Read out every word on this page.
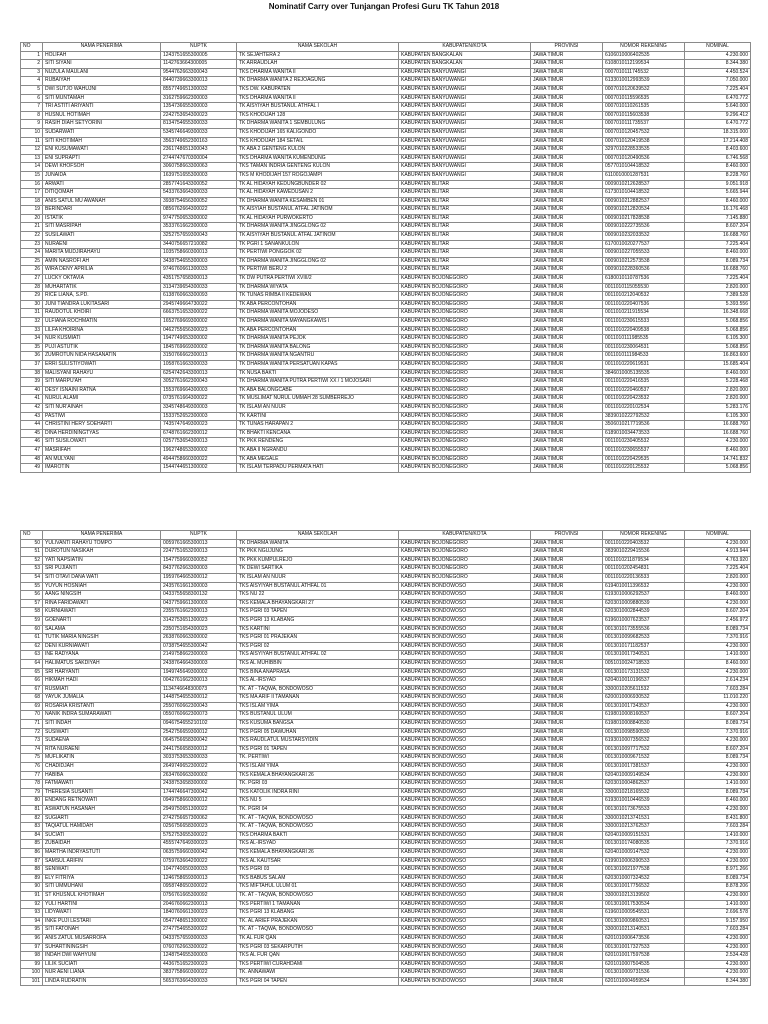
Nominatif Carry over Tunjangan Profesi Guru TK Tahun 2018
NO	NAMA PENERIMA	NUPTK	NAMA SEKOLAH	KABUPATEN/KOTA	PROVINSI	NOMOR REKENING	NOMINAL
1	HOLIFAH	1243751655300005	TK SEJAHTERA 2	KABUPATEN BANGKALAN	JAWA TIMUR	6106010006402535	4.230.000
2	SITI SIYANI	1142763664300005	TK ARRAUDLAH	KABUPATEN BANGKALAN	JAWA TIMUR	6108010112199534	8.344.380
3	NUZULA MAULANI	9544762663300043	TKS DHARMA WANITA II	KABUPATEN BANYUWANGI	JAWA TIMUR	0007010111745532	4.450.524
4	RUBAIYAH	8440739663300013	TK DHARMA WANITA 2 REJOAGUNG	KABUPATEN BANYUWANGI	JAWA TIMUR	6133010012993539	7.050.000
5	DWI SUTJO WAHUJNI	8557749651300032	TKS DW. KABUPATEN	KABUPATEN BANYUWANGI	JAWA TIMUR	0007010120639532	7.225.404
6	SITI MUNTAMAH	3162759662300003	TKS DHARMA WANITA II	KABUPATEN BANYUWANGI	JAWA TIMUR	0007010115596535	6.470.772
7	TRI ASTITI ARIYANTI	1354736655300003	TK AISYIYAH BUSTANUL ATHFAL I	KABUPATEN BANYUWANGI	JAWA TIMUR	0007010110261535	5.640.000
8	HUSNUL HOTIMAH	2242753654300023	TKS KHODIJAH 128	KABUPATEN BANYUWANGI	JAWA TIMUR	0007010115603538	9.296.412
9	RASIH DIAH SETYORINI	8134754655300033	TK DHARMA WANITA 1 SEMBULUNG	KABUPATEN BANYUWANGI	JAWA TIMUR	0007010111735537	6.470.772
10	SUDARWATI	5345746649300033	TKS KHODIJAH 165 KALIGONDO	KABUPATEN BANYUWANGI	JAWA TIMUR	0007010120457532	18.315.000
11	SITI KHOTIMAH	3563749652300163	TKS KHODIJAH 184 SETAIL	KABUPATEN BANYUWANGI	JAWA TIMUR	0007010120419538	17.214.408
12	ENI KUSUMAWATI	2361748651300043	TK ABA 2 GENTENG KULON	KABUPATEN BANYUWANGI	JAWA TIMUR	3297010228533535	8.403.600
13	ENI SUPRAPTI	2744747670300004	TKS DHARMA WANITA KUMENDUNG	KABUPATEN BANYUWANGI	JAWA TIMUR	0007010120490536	6.746.568
14	DEWI KHOFSOH	3060758663300063	TKS TAMAN INDRIA GENTENG KULON	KABUPATEN BANYUWANGI	JAWA TIMUR	0577010104418532	8.460.000
15	JUNAIDA	1639751655300003	TKS M KHODIJAH 157 ROGOJAMPI	KABUPATEN BANYUWANGI	JAWA TIMUR	6110010001287531	8.228.760
16	ARWATI	2857741643300052	TK AL HIDAYAH KEDUNGBUNDER 02	KABUPATEN BLITAR	JAWA TIMUR	0009010212628537	9.051.918
17	DITIQOMAH	5433763664300033	TK AL HIDAYAH KAWEDUSAN 2	KABUPATEN BLITAR	JAWA TIMUR	6173010104418532	5.665.944
18	ANIS SATUL MU AWANAH	3938754656300052	TK DHARMA WANITA KESAMBEN 01	KABUPATEN BLITAR	JAWA TIMUR	0009010212882537	8.460.000
19	BERINDARI	0856762664300022	TK AISYIAH BUSTANUL ATFAL JATINOM	KABUPATEN BLITAR	JAWA TIMUR	0009010212820534	16.176.468
20	ISTATIK	9747750653300002	TK AL HIDAYAH PURWOKERTO	KABUPATEN BLITAR	JAWA TIMUR	0009010217828538	7.145.880
21	SITI MASRIPAH	3533761662300003	TK DHARMA WANITA JINGGLONG 02	KABUPATEN BLITAR	JAWA TIMUR	0009010222735536	8.607.204
22	SUSILAWATI	3252757659300043	TK AISYIYAH BUSTANUL ATFAL JATINOM	KABUPATEN BLITAR	JAWA TIMUR	0009010232033532	16.688.760
23	NURAENI	3440756657210082	TK PGRI 1 SANANKULON	KABUPATEN BLITAR	JAWA TIMUR	6170010020277537	7.225.404
24	MARITA MUDJIRAHAYU	1035758660300013	TK PERTIWI PONGGOK 02	KABUPATEN BLITAR	JAWA TIMUR	0009010227055533	8.460.000
25	AMIN NASROFI AH	3438754655300003	TK DHARMA WANITA JINGGLONG 02	KABUPATEN BLITAR	JAWA TIMUR	0009010212573538	8.089.734
26	WIRA DENY APRILIA	9746760661300033	TK PERTIWI BERU 2	KABUPATEN BLITAR	JAWA TIMUR	0009010228360536	16.688.760
27	LUCKY OKTAVIA	4351757658300013	TK DW PUTRA PERTIWI XVIII/2	KABUPATEN BOJONEGORO	JAWA TIMUR	6180010110787536	7.225.404
28	MUHARTATIK	3134739654300033	TK DHARMA WIYATA	KABUPATEN BOJONEGORO	JAWA TIMUR	0011010115055530	2.820.000
29	RICE LIANA, S.PD.	6138760663300093	TK TUNAS RIMBA II KEDEWAN	KABUPATEN BOJONEGORO	JAWA TIMUR	0011010212040532	7.389.528
30	JUNI TIANDRA LUKITASARI	2945749664730022	TK ABA PERCONTOHAN	KABUPATEN BOJONEGORO	JAWA TIMUR	0011010220407536	5.393.556
31	RAUDOTUL KHOIRI	6663751653300022	TK DHARMA WANITA MOJODESO	KABUPATEN BOJONEGORO	JAWA TIMUR	0011010211915534	16.348.668
32	ULFIANA ROCHMATIN	1652769669300002	TK DHARMA WANITA MAYANGKAWIS I	KABUPATEN BOJONEGORO	JAWA TIMUR	0011010230615533	5.068.856
33	LILFA KHOIRINA	0462755656300023	TK ABA PERCONTOHAN	KABUPATEN BOJONEGORO	JAWA TIMUR	0011010220409538	5.068.856
34	NUR KUSMIATI	1947749653300002	TK DHARMA WANITA PEJOK	KABUPATEN BOJONEGORO	JAWA TIMUR	0011010111985535	6.105.300
35	PUJI ASTUTIK	1845769669300002	TK DHARMA WANITA BALONG	KABUPATEN BOJONEGORO	JAWA TIMUR	0011010230064531	5.068.856
36	ZUMROTUN NIDA HASANATIN	3150766662300013	TK DHARMA WANITA NGANTRU	KABUPATEN BOJONEGORO	JAWA TIMUR	0011010111984533	16.863.600
37	ERRI SULISTIYOWATI	1058761663300033	TK DHARMA WANITA PERSATUAN KAPAS	KABUPATEN BOJONEGORO	JAWA TIMUR	0011010220619531	15.685.404
38	MALISYANI RAHAYU	6254742643300013	TK NUSA BAKTI	KABUPATEN BOJONEGORO	JAWA TIMUR	3846010005135535	8.460.000
39	SITI MARPU'AH	3052761662300043	TK DHARMA WANITA PUTRA PERTIWI XX / 1 MOJOSARI	KABUPATEN BOJONEGORO	JAWA TIMUR	0011010220416535	5.228.468
40	DESY ISNAINI RATNA	1553769664300003	TK ABA BALONGCABE	KABUPATEN BOJONEGORO	JAWA TIMUR	0011010220460537	2.820.000
41	NURUL ALAMI	0735761664300022	TK MUSLIMAT NURUL UMMAH 28 SUMBERREJO	KABUPATEN BOJONEGORO	JAWA TIMUR	0011010220423532	2.820.000
42	SITI NUR'AINAH	3345748649300003	TK ISLAM AN NUUR	KABUPATEN BOJONEGORO	JAWA TIMUR	0011010220102534	5.283.176
43	PASTIWI	1533752652300003	TK KARTINI	KABUPATEN BOJONEGORO	JAWA TIMUR	3839010222792532	6.105.300
44	CHRISTINI HERY SOEHARTI	7435747649300023	TK TUNAS HARAPAN 2	KABUPATEN BOJONEGORO	JAWA TIMUR	3506010217719536	16.688.760
45	DINA HERDININGTYAS	6748761662300012	TK BHAKTI KENCANA	KABUPATEN BOJONEGORO	JAWA TIMUR	6189010034473533	16.688.760
46	SITI SUSILOWATI	0257753654300013	TK PKK RENDENG	KABUPATEN BOJONEGORO	JAWA TIMUR	0011010230405532	4.230.000
47	MASRIFAH	1962748653300002	TK ABA II NGRANDU	KABUPATEN BOJONEGORO	JAWA TIMUR	0011010230655537	8.460.000
48	AN MULYANI	4944758660300022	TK ABA MEGALE	KABUPATEN BOJONEGORO	JAWA TIMUR	0011010220429535	14.741.832
49	IMAROTIN	1544744651300002	TK ISLAM TERPADU PERMATA HATI	KABUPATEN BOJONEGORO	JAWA TIMUR	0011010220125532	5.068.856
NO	NAMA PENERIMA	NUPTK	NAMA SEKOLAH	KABUPATEN/KOTA	PROVINSI	NOMOR REKENING	NOMINAL
50	YULIVANTI RAHAYU TOMPO	0059761665300013	TK DHARMA WANITA	KABUPATEN BOJONEGORO	JAWA TIMUR	0011010220403532	4.230.000
51	DUROTUN NASIKAH	2247751653200013	TK PKK NGUJUNG	KABUPATEN BOJONEGORO	JAWA TIMUR	3839010229415536	4.913.944
52	YATI NAPSIATIN	1547759660300052	TK PKK KUMPULREJO	KABUPATEN BOJONEGORO	JAWA TIMUR	0011010211879534	4.763.920
53	SRI PUJIANTI	8437762663300003	TK DEWI SARTIKA	KABUPATEN BOJONEGORO	JAWA TIMUR	0011010202454831	7.225.404
54	SITI OTAVI DANA WATI	1959764665300012	TK ISLAM AN NUUR	KABUPATEN BOJONEGORO	JAWA TIMUR	0011010220136533	2.820.000
55	YUYUN HOSNIAH	2435761661300003	TKS AISYIYAH BUSTANUL ATHFAL 01	KABUPATEN BONDOWOSO	JAWA TIMUR	6194010011396532	4.230.000
56	AANG NINGSIH	0433755658300132	TKS NU 22	KABUPATEN BONDOWOSO	JAWA TIMUR	6193010006292537	8.460.000
57	RINA FARIDAWATI	0437759661300003	TKS KEMALA BHAYANGKARI 27	KABUPATEN BONDOWOSO	JAWA TIMUR	6203010009880539	4.230.000
58	KURNIAWATI	2355761662300013	TKS PGRI 03 TAPEN	KABUPATEN BONDOWOSO	JAWA TIMUR	6203010002844539	8.607.204
59	GOENARTI	3142753651300023	TKS PGRI 13 KLABANG	KABUPATEN BONDOWOSO	JAWA TIMUR	6196010007623537	2.456.972
60	SALAMA	2350751654300023	TKS KARTINI	KABUPATEN BONDOWOSO	JAWA TIMUR	0013010173555536	8.089.734
61	TUTIK MARIA NINGSIH	2638760663300002	TKS PGRI 01 PRAJEKAN	KABUPATEN BONDOWOSO	JAWA TIMUR	0013010099682533	7.370.916
62	DENI KURNIAWATI	0738754655300042	TKS PGRI 02	KABUPATEN BONDOWOSO	JAWA TIMUR	0013010171182537	4.230.000
63	INE RADYANA	2149758662300003	TKS AISYIYAH BUSTANUL ATHFAL 02	KABUPATEN BONDOWOSO	JAWA TIMUR	0013010017340531	1.410.000
64	HALIMATUS SAKDIYAH	2438764664300003	TKS AL MUHIBBIN	KABUPATEN BONDOWOSO	JAWA TIMUR	0051010024718533	8.460.000
65	SRI HARYANTI	1949745649300002	TKS BINA ANAPRASA	KABUPATEN BONDOWOSO	JAWA TIMUR	0013010173131532	4.230.000
66	HIKMAH HADI	0042761662300013	TKS AL-IRSYAD	KABUPATEN BONDOWOSO	JAWA TIMUR	6204010010196537	2.614.234
67	RUSMIATI	1134746648300073	TK. AT - TAQWA, BONDOWOSO	KABUPATEN BONDOWOSO	JAWA TIMUR	3300010205611532	7.603.284
68	YAYUK JUMALIA	1448754655300012	TKS MA ARIF II TAMANAN	KABUPATEN BONDOWOSO	JAWA TIMUR	6200010006930532	11.010.220
69	ROSARIA KRISTANTI	2550760662300043	TKS ISLAM YIMA	KABUPATEN BONDOWOSO	JAWA TIMUR	0013010017343537	4.230.000
70	NANIK INDRA SUMARAWATI	0550760662300073	TKS BUSTANUL ULUM	KABUPATEN BONDOWOSO	JAWA TIMUR	6198010008160537	8.607.204
71	SITI INDAH	0946754655210102	TKS KUSUMA BANGSA	KABUPATEN BONDOWOSO	JAWA TIMUR	6198010008840530	8.089.734
72	SUSIWATI	2542756659300012	TKS PGRI 05 DAWUHAN	KABUPATEN BONDOWOSO	JAWA TIMUR	0013010098590530	7.370.916
73	SUDAENA	0645756658300042	TKS RAUDLATUL MUSTARSYIDIN	KABUPATEN BONDOWOSO	JAWA TIMUR	6193010007356532	4.230.000
74	RITA NURAENI	2441756658300012	TKS PGRI 01 TAPEN	KABUPATEN BONDOWOSO	JAWA TIMUR	0013010097717532	8.607.204
75	MUFLIKATIN	3033753653300033	TK. PERTIWI	KABUPATEN BONDOWOSO	JAWA TIMUR	0013010009671532	8.089.734
76	CHADIDJAH	2649749652300022	TKS ISLAM YIMA	KABUPATEN BONDOWOSO	JAWA TIMUR	0013010017381537	4.230.000
77	HABIBA	2634760663300002	TKS KEMALA BHAYANGKARI 26	KABUPATEN BONDOWOSO	JAWA TIMUR	6204010009149534	4.230.000
78	FATMAWATI	2438753658300002	TK. PGRI 03	KABUPATEN BONDOWOSO	JAWA TIMUR	6203010004862537	1.410.000
79	THERESIA SUSANTI	1744746647300042	TKS KATOLIK INDRA RINI	KABUPATEN BONDOWOSO	JAWA TIMUR	3300010218165532	8.089.734
80	ENDANG RETNOWATI	0949758660300012	TKS NU 5	KABUPATEN BONDOWOSO	JAWA TIMUR	6193010010446539	8.460.000
81	ASWATUN HASANAH	2949750651300022	TK. PGRI 04	KABUPATEN BONDOWOSO	JAWA TIMUR	0013010173675533	4.230.000
82	SUGIARTI	2742756657300062	TK. AT - TAQWA, BONDOWOSO	KABUPATEN BONDOWOSO	JAWA TIMUR	3300010213741531	8.431.800
83	TAQIATUL HAMIDAH	0256756658300023	TK. AT - TAQWA, BONDOWOSO	KABUPATEN BONDOWOSO	JAWA TIMUR	3300010213762537	7.603.284
84	SUCIATI	5752753655300022	TKS DHARMA BAKTI	KABUPATEN BONDOWOSO	JAWA TIMUR	6204010009151531	1.410.000
85	ZUBAIDAH	4555747649300023	TKS AL-IRSYAD	KABUPATEN BONDOWOSO	JAWA TIMUR	0013010174080535	7.370.916
86	MARTHA INDRYASTUTI	0635759660300042	TKS KEMALA BHAYANGKARI 26	KABUPATEN BONDOWOSO	JAWA TIMUR	6204010009147532	4.230.000
87	SAMSUL ARIFIN	0759763664200022	TKS AL KAUTSAR	KABUPATEN BONDOWOSO	JAWA TIMUR	6199010006390533	4.230.000
88	SENIWATI	1047740650300033	TKS PGRI 03	KABUPATEN BONDOWOSO	JAWA TIMUR	0013010021977538	8.971.266
89	ELY FITRIYA	1246758659300013	TKS BABUS SALAM	KABUPATEN BONDOWOSO	JAWA TIMUR	6203010007324532	8.089.734
90	SITI UMMUHANI	0958748650300022	TKS MIFTAHUL ULUM 01	KABUPATEN BONDOWOSO	JAWA TIMUR	0013010017756532	8.878.206
91	ST KHUSNUL KHOTIMAH	0756761665300092	TK. AT - TAQWA, BONDOWOSO	KABUPATEN BONDOWOSO	JAWA TIMUR	3300010213139502	4.230.000
92	YULI HARTINI	2046760662300013	TKS PERTIWI 1 TAMANAN	KABUPATEN BONDOWOSO	JAWA TIMUR	0013010017530534	1.410.000
93	LIDYAWATI	1840760661300023	TKS PGRI 13 KLABANG	KABUPATEN BONDOWOSO	JAWA TIMUR	6196010009545531	2.696.578
94	INKE PUJI LESTARI	0547748651300002	TK. AL ARIEF PRAJEKAN	KABUPATEN BONDOWOSO	JAWA TIMUR	0013010009860531	9.157.950
95	SITI FATONAH	2747754655300022	TK. AT - TAQWA, BONDOWOSO	KABUPATEN BONDOWOSO	JAWA TIMUR	3300010213140531	7.603.284
96	ANIS ZATUL MUSARROFA	0433757659300033	TK AL FUR QAN	KABUPATEN BONDOWOSO	JAWA TIMUR	6201010006473536	4.230.000
97	SUHARTININGSIH	0760762663300022	TKS PGRI 03 SEKARPUTIH	KABUPATEN BONDOWOSO	JAWA TIMUR	0013010017327533	4.230.000
98	INDAH DWI WAHYUNI	1248754655300003	TKS AL FUR QAN	KABUPATEN BONDOWOSO	JAWA TIMUR	6201010017597538	2.534.428
99	LILIK SUCIATI	4436751652300023	TKS PERTIWI CURAHDAMI	KABUPATEN BONDOWOSO	JAWA TIMUR	6201010007504535	4.230.000
100	NUR AENI LIANA	3837758660300022	TK. ANNAWAWI	KABUPATEN BONDOWOSO	JAWA TIMUR	0013010009731536	4.230.000
101	LINDA RUDRATIN	5653763664300033	TKS PGRI 04 TAPEN	KABUPATEN BONDOWOSO	JAWA TIMUR	6201010004959534	8.344.380
